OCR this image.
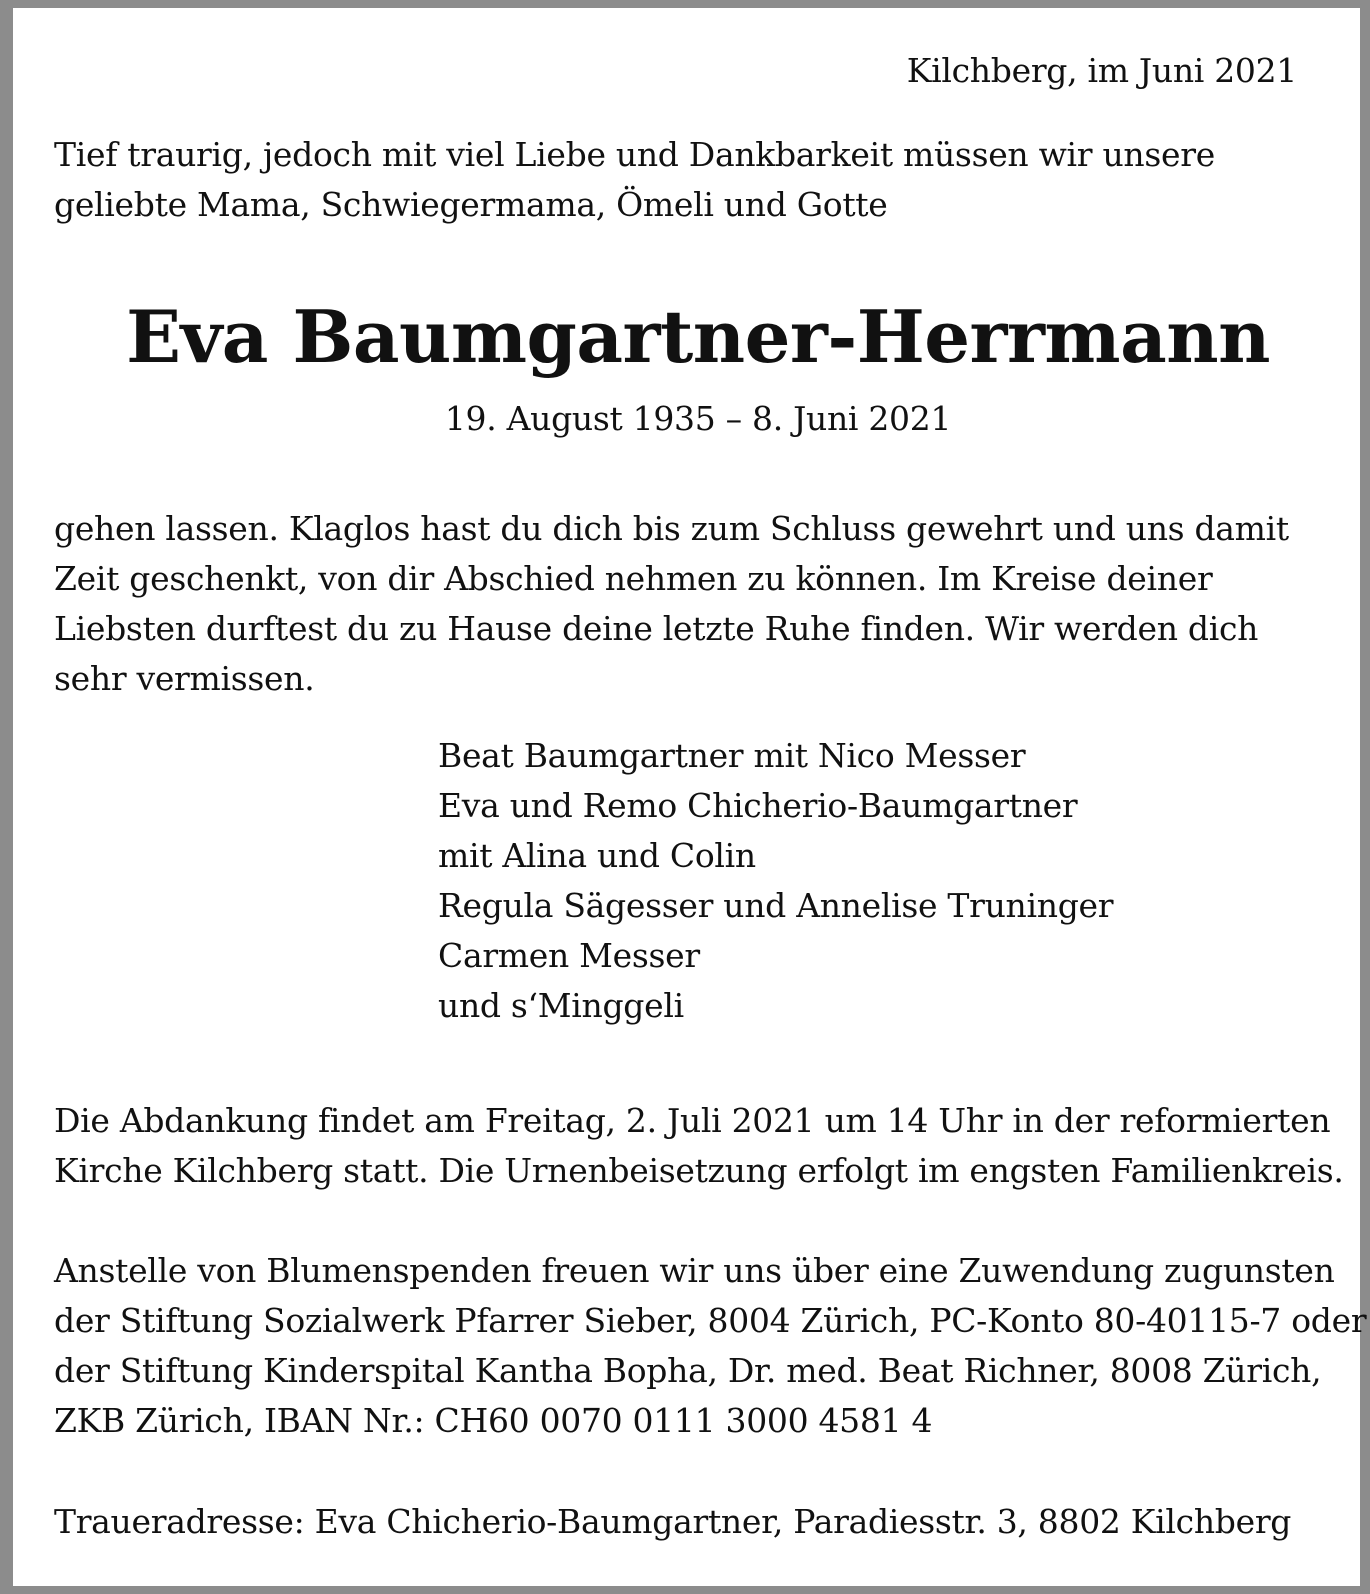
Kilchberg, im Juni 2021

Tief traurig, jedoch mit viel Liebe und Dankbarkeit müssen wir unsere
geliebte Mama, Schwiegermama, Ömeli und Gotte

Eva Baumgartner-Herrmann

19. August 1935 – 8. Juni 2021

gehen lassen. Klaglos hast du dich bis zum Schluss gewehrt und uns damit
Zeit geschenkt, von dir Abschied nehmen zu können. Im Kreise deiner
Liebsten durftest du zu Hause deine letzte Ruhe finden. Wir werden dich
sehr vermissen.

Beat Baumgartner mit Nico Messer
Eva und Remo Chicherio-Baumgartner
mit Alina und Colin
Regula Sägesser und Annelise Truninger
Carmen Messer
und s‘Minggeli

Die Abdankung findet am Freitag, 2. Juli 2021 um 14 Uhr in der reformierten
Kirche Kilchberg statt. Die Urnenbeisetzung erfolgt im engsten Familienkreis.

Anstelle von Blumenspenden freuen wir uns über eine Zuwendung zugunsten
der Stiftung Sozialwerk Pfarrer Sieber, 8004 Zürich, PC-Konto 80-40115-7 oder
der Stiftung Kinderspital Kantha Bopha, Dr. med. Beat Richner, 8008 Zürich,
ZKB Zürich, IBAN Nr.: CH60 0070 0111 3000 4581 4

Traueradresse: Eva Chicherio-Baumgartner, Paradiesstr. 3, 8802 Kilchberg
